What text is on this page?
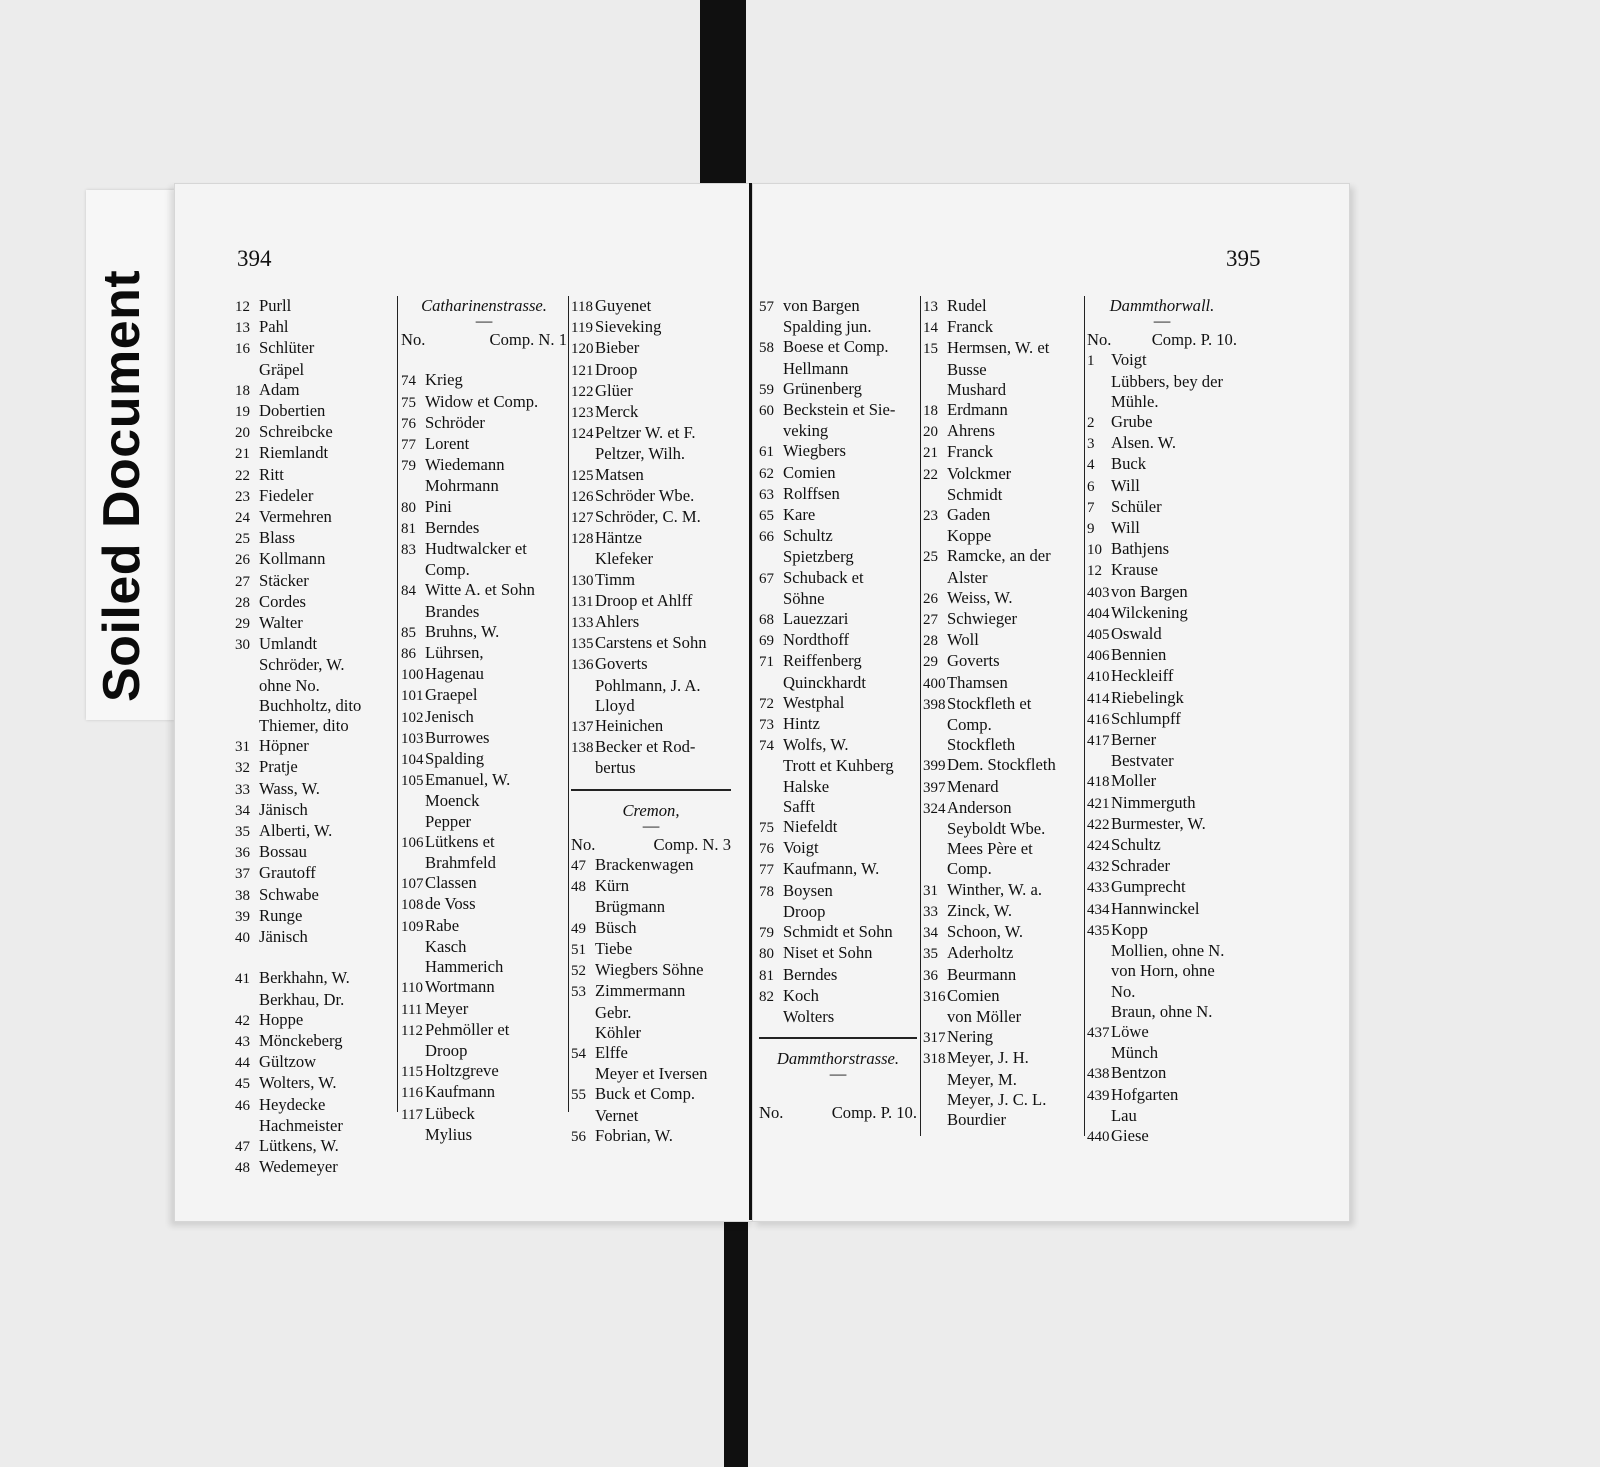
Soiled Document
394
12 Purll
13 Pahl
16 Schlüter
Gräpel
18 Adam
19 Dobertien
20 Schreibcke
21 Riemlandt
22 Ritt
23 Fiedeler
24 Vermehren
25 Blass
26 Kollmann
27 Stäcker
28 Cordes
29 Walter
30 Umlandt
Schröder, W.
ohne No.
Buchholtz, dito
Thiemer, dito
31 Höpner
32 Pratje
33 Wass, W.
34 Jänisch
35 Alberti, W.
36 Bossau
37 Grautoff
38 Schwabe
39 Runge
40 Jänisch
41 Berkhahn, W.
Berkhau, Dr.
42 Hoppe
43 Mönckeberg
44 Gültzow
45 Wolters, W.
46 Heydecke
Hachmeister
47 Lütkens, W.
48 Wedemeyer
Catharinenstrasse.
—
No.	Comp. N. 1
74 Krieg
75 Widow et Comp.
76 Schröder
77 Lorent
79 Wiedemann
Mohrmann
80 Pini
81 Berndes
83 Hudtwalcker et
Comp.
84 Witte A. et Sohn
Brandes
85 Bruhns, W.
86 Lührsen,
100Hagenau
101Graepel
102Jenisch
103Burrowes
104Spalding
105Emanuel, W.
Moenck
Pepper
106Lütkens et
Brahmfeld
107Classen
108de Voss
109Rabe
Kasch
Hammerich
110 Wortmann
111 Meyer
112 Pehmöller et
Droop
115 Holtzgreve
116 Kaufmann
117 Lübeck
Mylius
118 Guyenet
119 Sieveking
120Bieber
121Droop
122Glüer
123Merck
124Peltzer W. et F.
Peltzer, Wilh.
125Matsen
126Schröder Wbe.
127Schröder, C. M.
128Häntze
Klefeker
130Timm
131Droop et Ahlff
133Ahlers
135Carstens et Sohn
136Goverts
Pohlmann, J. A.
Lloyd
137Heinichen
138Becker et Rod-
bertus
Cremon,
—
No.	Comp. N. 3
47 Brackenwagen
48 Kürn
Brügmann
49 Büsch
51 Tiebe
52 Wiegbers Söhne
53 Zimmermann
Gebr.
Köhler
54 Elffe
Meyer et Iversen
55 Buck et Comp.
Vernet
56 Fobrian, W.
395
57 von Bargen
Spalding jun.
58 Boese et Comp.
Hellmann
59 Grünenberg
60 Beckstein et Sie-
veking
61 Wiegbers
62 Comien
63 Rolffsen
65 Kare
66 Schultz
Spietzberg
67 Schuback et
Söhne
68 Lauezzari
69 Nordthoff
71 Reiffenberg
Quinckhardt
72 Westphal
73 Hintz
74 Wolfs, W.
Trott et Kuhberg
Halske
Safft
75 Niefeldt
76 Voigt
77 Kaufmann, W.
78 Boysen
Droop
79 Schmidt et Sohn
80 Niset et Sohn
81 Berndes
82 Koch
Wolters
Dammthorstrasse.
—
No.	Comp. P. 10.
13 Rudel
14 Franck
15 Hermsen, W. et
Busse
Mushard
18 Erdmann
20 Ahrens
21 Franck
22 Volckmer
Schmidt
23 Gaden
Koppe
25 Ramcke, an der
Alster
26 Weiss, W.
27 Schwieger
28 Woll
29 Goverts
400Thamsen
398Stockfleth et
Comp.
Stockfleth
399Dem. Stockfleth
397Menard
324Anderson
Seyboldt Wbe.
Mees Père et
Comp.
31 Winther, W. a.
33 Zinck, W.
34 Schoon, W.
35 Aderholtz
36 Beurmann
316Comien
von Möller
317Nering
318Meyer, J. H.
Meyer, M.
Meyer, J. C. L.
Bourdier
Dammthorwall.
—
No. Comp. P. 10.
1 Voigt
Lübbers, bey der
Mühle.
2 Grube
3 Alsen. W.
4 Buck
6 Will
7 Schüler
9 Will
10 Bathjens
12 Krause
403von Bargen
404Wilckening
405Oswald
406Bennien
410Heckleiff
414Riebelingk
416Schlumpff
417Berner
Bestvater
418Moller
421Nimmerguth
422Burmester, W.
424Schultz
432Schrader
433Gumprecht
434Hannwinckel
435Kopp
Mollien, ohne N.
von Horn, ohne
No.
Braun, ohne N.
437Löwe
Münch
438Bentzon
439Hofgarten
Lau
440Giese
